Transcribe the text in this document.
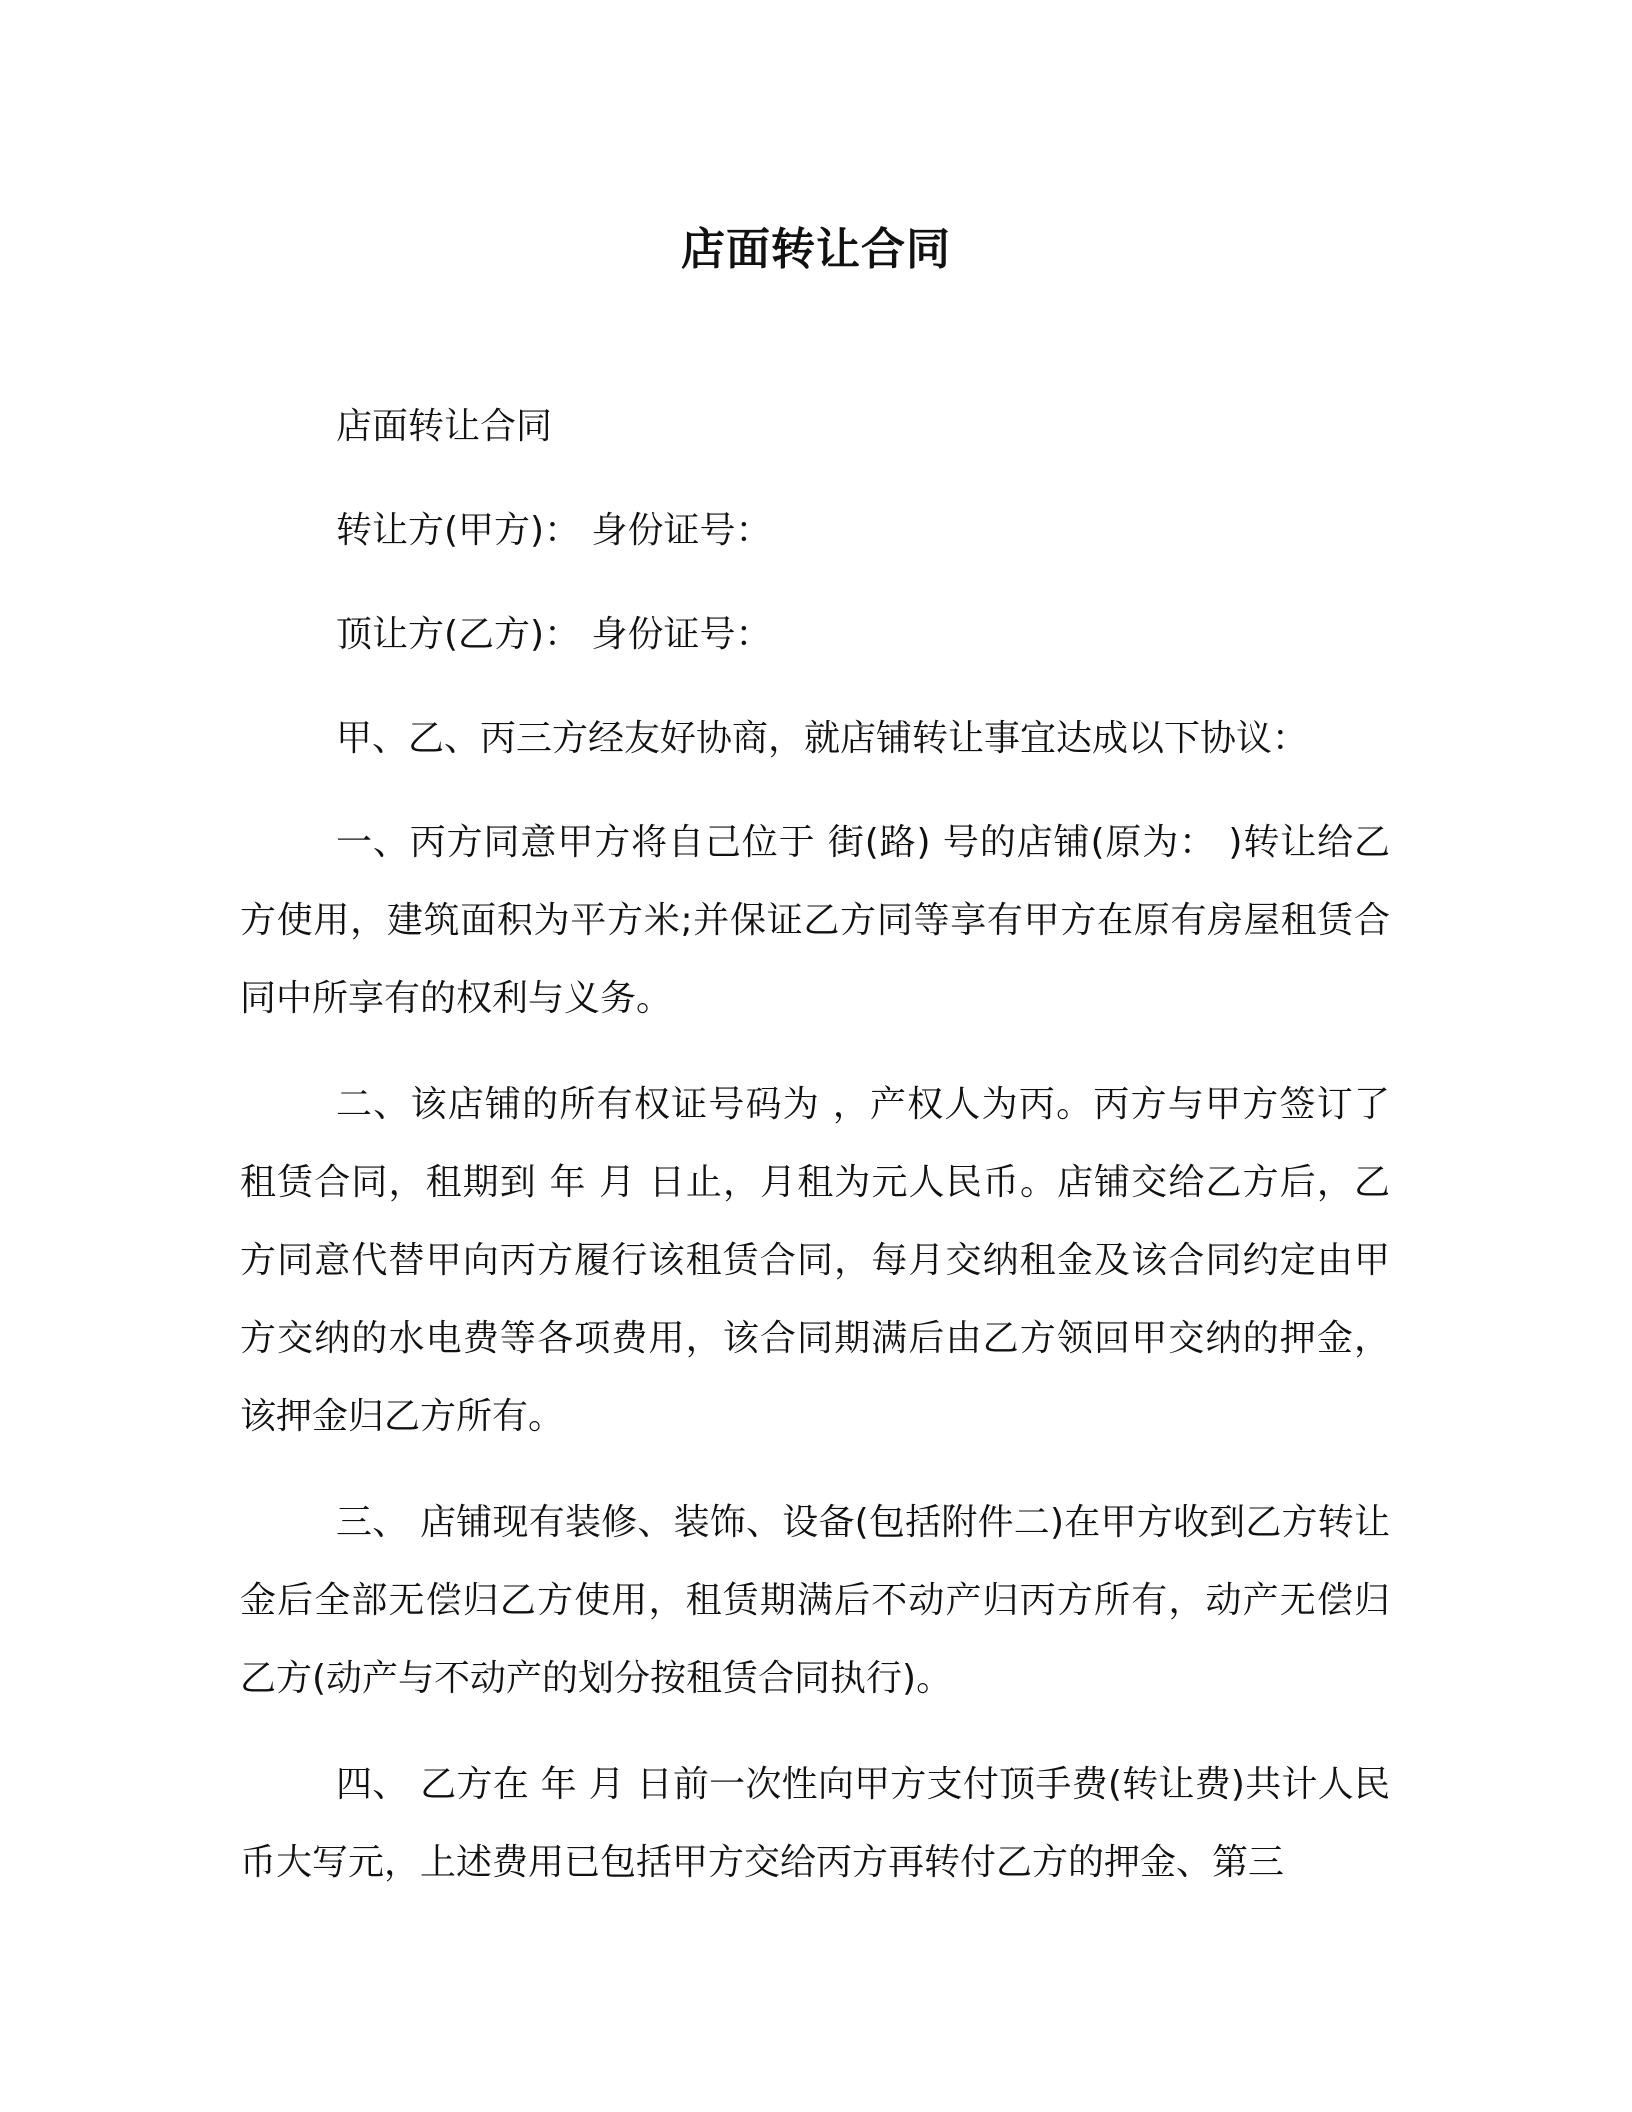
店面转让合同

店面转让合同

转让方(甲方)： 身份证号：

顶让方(乙方)： 身份证号：

甲、乙、丙三方经友好协商，就店铺转让事宜达成以下协议：

一、丙方同意甲方将自己位于 街(路) 号的店铺(原为： )转让给乙方使用，建筑面积为平方米;并保证乙方同等享有甲方在原有房屋租赁合同中所享有的权利与义务。

二、该店铺的所有权证号码为 ，产权人为丙。丙方与甲方签订了租赁合同，租期到 年 月 日止，月租为元人民币。店铺交给乙方后，乙方同意代替甲向丙方履行该租赁合同，每月交纳租金及该合同约定由甲方交纳的水电费等各项费用，该合同期满后由乙方领回甲交纳的押金，该押金归乙方所有。

三、 店铺现有装修、装饰、设备(包括附件二)在甲方收到乙方转让金后全部无偿归乙方使用，租赁期满后不动产归丙方所有，动产无偿归乙方(动产与不动产的划分按租赁合同执行)。

四、 乙方在 年 月 日前一次性向甲方支付顶手费(转让费)共计人民币大写元，上述费用已包括甲方交给丙方再转付乙方的押金、第三
